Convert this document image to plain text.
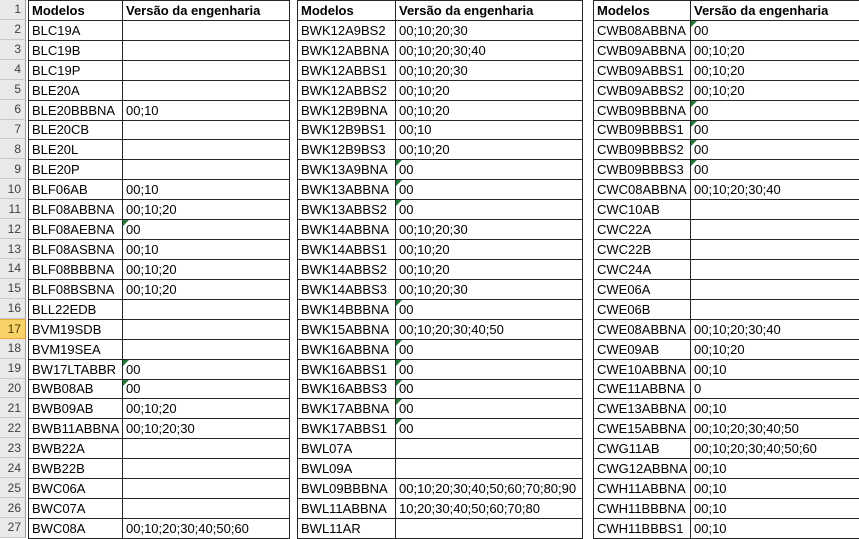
1
2
3
4
5
6
7
8
9
10
11
12
13
14
15
16
17
18
19
20
21
22
23
24
25
26
27
Modelos	Versão da engenharia
BLC19A	
BLC19B	
BLC19P	
BLE20A	
BLE20BBBNA	00;10
BLE20CB	
BLE20L	
BLE20P	
BLF06AB	00;10
BLF08ABBNA	00;10;20
BLF08AEBNA	00
BLF08ASBNA	00;10
BLF08BBBNA	00;10;20
BLF08BSBNA	00;10;20
BLL22EDB	
BVM19SDB	
BVM19SEA	
BW17LTABBR	00
BWB08AB	00
BWB09AB	00;10;20
BWB11ABBNA	00;10;20;30
BWB22A	
BWB22B	
BWC06A	
BWC07A	
BWC08A	00;10;20;30;40;50;60
Modelos	Versão da engenharia
BWK12A9BS2	00;10;20;30
BWK12ABBNA	00;10;20;30;40
BWK12ABBS1	00;10;20;30
BWK12ABBS2	00;10;20
BWK12B9BNA	00;10;20
BWK12B9BS1	00;10
BWK12B9BS3	00;10;20
BWK13A9BNA	00
BWK13ABBNA	00
BWK13ABBS2	00
BWK14ABBNA	00;10;20;30
BWK14ABBS1	00;10;20
BWK14ABBS2	00;10;20
BWK14ABBS3	00;10;20;30
BWK14BBBNA	00
BWK15ABBNA	00;10;20;30;40;50
BWK16ABBNA	00
BWK16ABBS1	00
BWK16ABBS3	00
BWK17ABBNA	00
BWK17ABBS1	00
BWL07A	
BWL09A	
BWL09BBBNA	00;10;20;30;40;50;60;70;80;90
BWL11ABBNA	10;20;30;40;50;60;70;80
BWL11AR	
Modelos	Versão da engenharia
CWB08ABBNA	00
CWB09ABBNA	00;10;20
CWB09ABBS1	00;10;20
CWB09ABBS2	00;10;20
CWB09BBBNA	00
CWB09BBBS1	00
CWB09BBBS2	00
CWB09BBBS3	00
CWC08ABBNA	00;10;20;30;40
CWC10AB	
CWC22A	
CWC22B	
CWC24A	
CWE06A	
CWE06B	
CWE08ABBNA	00;10;20;30;40
CWE09AB	00;10;20
CWE10ABBNA	00;10
CWE11ABBNA	0
CWE13ABBNA	00;10
CWE15ABBNA	00;10;20;30;40;50
CWG11AB	00;10;20;30;40;50;60
CWG12ABBNA	00;10
CWH11ABBNA	00;10
CWH11BBBNA	00;10
CWH11BBBS1	00;10
